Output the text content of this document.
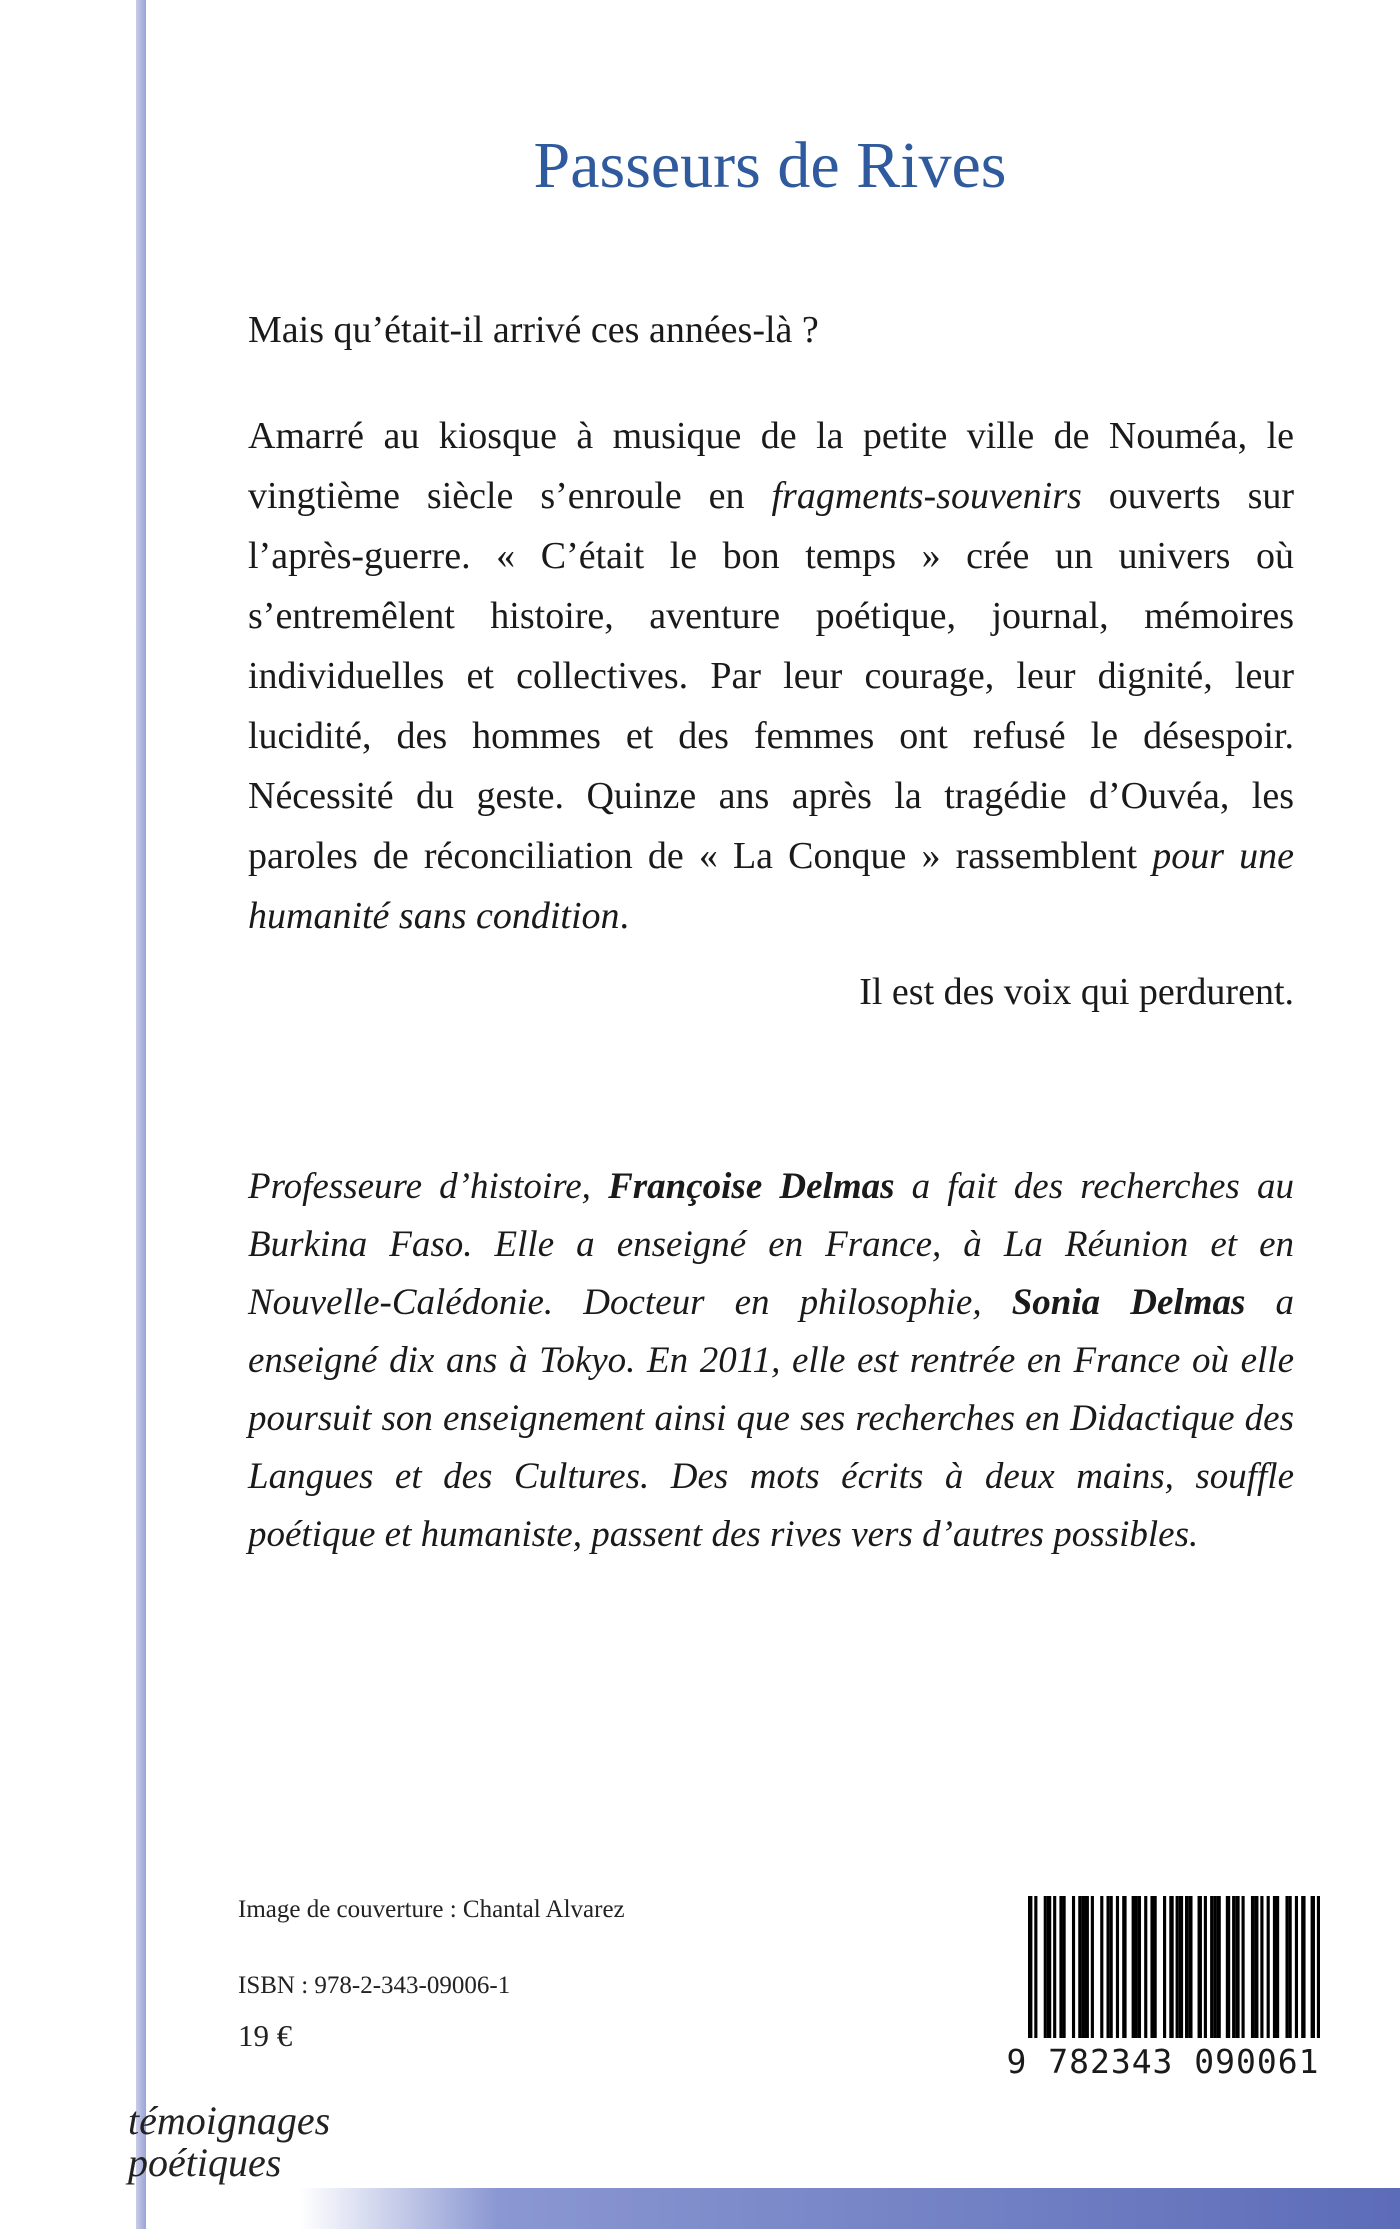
Passeurs de Rives

Mais qu’était-il arrivé ces années-là ?

Amarré au kiosque à musique de la petite ville de Nouméa, le vingtième siècle s’enroule en fragments-souvenirs ouverts sur l’après-guerre. « C’était le bon temps » crée un univers où s’entremêlent histoire, aventure poétique, journal, mémoires individuelles et collectives. Par leur courage, leur dignité, leur lucidité, des hommes et des femmes ont refusé le désespoir. Nécessité du geste. Quinze ans après la tragédie d’Ouvéa, les paroles de réconciliation de « La Conque » rassemblent pour une humanité sans condition.

Il est des voix qui perdurent.

Professeure d’histoire, Françoise Delmas a fait des recherches au Burkina Faso. Elle a enseigné en France, à La Réunion et en Nouvelle-Calédonie. Docteur en philosophie, Sonia Delmas a enseigné dix ans à Tokyo. En 2011, elle est rentrée en France où elle poursuit son enseignement ainsi que ses recherches en Didactique des Langues et des Cultures. Des mots écrits à deux mains, souffle poétique et humaniste, passent des rives vers d’autres possibles.

Image de couverture : Chantal Alvarez

ISBN : 978-2-343-09006-1

19 €

9 782343 090061

témoignages
poétiques
